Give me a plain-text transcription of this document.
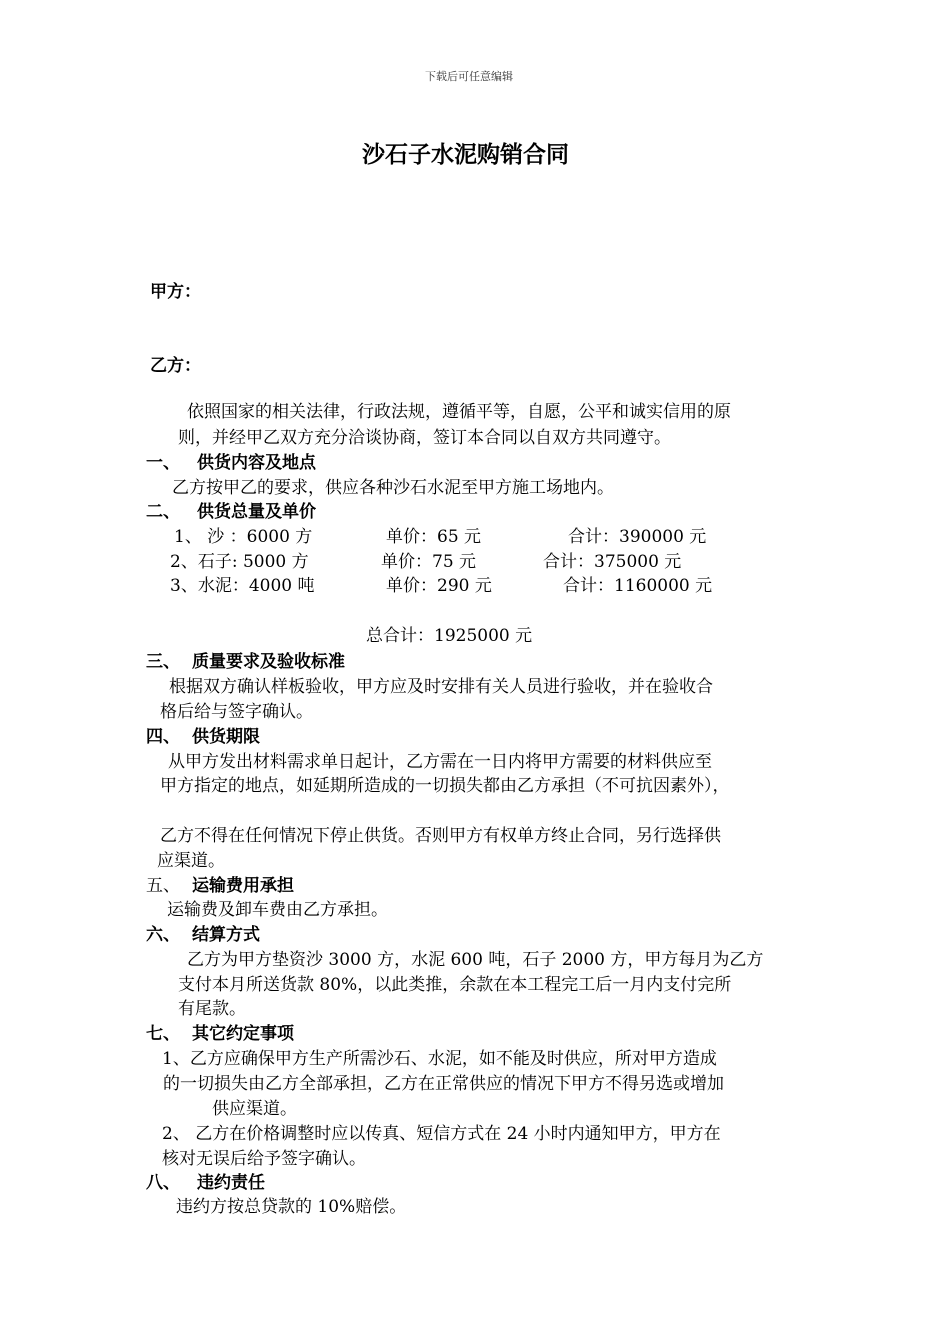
下载后可任意编辑
沙石子水泥购销合同
甲方：
乙方：
依照国家的相关法律，行政法规，遵循平等，自愿，公平和诚实信用的原
则，并经甲乙双方充分洽谈协商，签订本合同以自双方共同遵守。
一、 供货内容及地点
乙方按甲乙的要求，供应各种沙石水泥至甲方施工场地内。
二、 供货总量及单价
1、 沙 ：6000 方	单价：65 元	合计：390000 元
2、石子: 5000 方	单价：75 元	合计：375000 元
3、水泥：4000 吨	单价：290 元	合计：1160000 元
总合计：1925000 元
三、 质量要求及验收标准
根据双方确认样板验收，甲方应及时安排有关人员进行验收，并在验收合
格后给与签字确认。
四、 供货期限
从甲方发出材料需求单日起计，乙方需在一日内将甲方需要的材料供应至
甲方指定的地点，如延期所造成的一切损失都由乙方承担（不可抗因素外），
乙方不得在任何情况下停止供货。否则甲方有权单方终止合同，另行选择供
应渠道。
五、 运输费用承担
运输费及卸车费由乙方承担。
六、 结算方式
乙方为甲方垫资沙 3000 方，水泥 600 吨，石子 2000 方，甲方每月为乙方
支付本月所送货款 80%，以此类推，余款在本工程完工后一月内支付完所
有尾款。
七、 其它约定事项
1、乙方应确保甲方生产所需沙石、水泥，如不能及时供应，所对甲方造成
的一切损失由乙方全部承担，乙方在正常供应的情况下甲方不得另选或增加
供应渠道。
2、 乙方在价格调整时应以传真、短信方式在 24 小时内通知甲方，甲方在
核对无误后给予签字确认。
八、 违约责任
违约方按总贷款的 10%赔偿。
